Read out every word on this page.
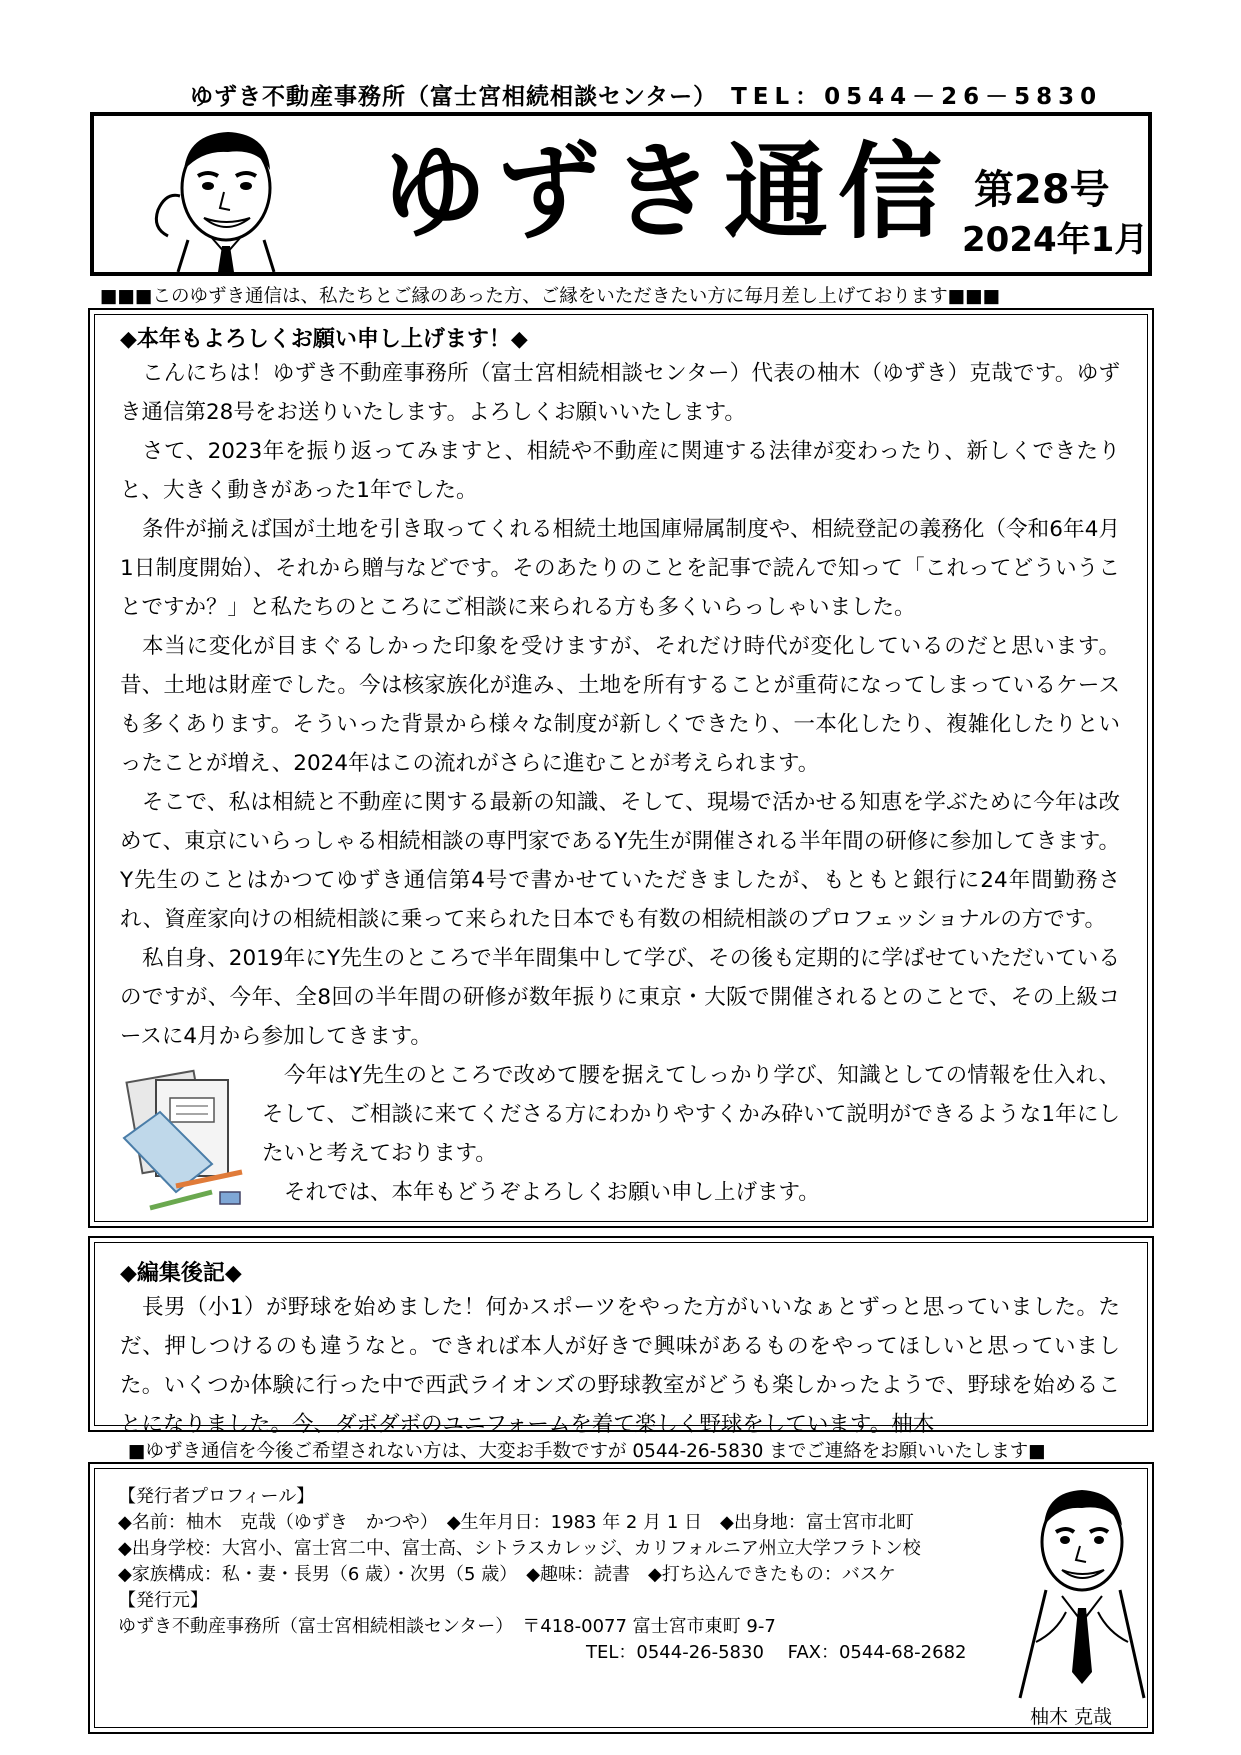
ゆずき不動産事務所（富士宮相続相談センター） TEL：0544－26－5830
ゆずき通信 第28号
2024年1月
■■■このゆずき通信は、私たちとご縁のあった方、ご縁をいただきたい方に毎月差し上げております■■■
◆本年もよろしくお願い申し上げます！◆
こんにちは！ゆずき不動産事務所（富士宮相続相談センター）代表の柚木（ゆずき）克哉です。ゆずき通信第28号をお送りいたします。よろしくお願いいたします。
さて、2023年を振り返ってみますと、相続や不動産に関連する法律が変わったり、新しくできたりと、大きく動きがあった1年でした。
条件が揃えば国が土地を引き取ってくれる相続土地国庫帰属制度や、相続登記の義務化（令和6年4月1日制度開始）、それから贈与などです。そのあたりのことを記事で読んで知って「これってどういうことですか？」と私たちのところにご相談に来られる方も多くいらっしゃいました。
本当に変化が目まぐるしかった印象を受けますが、それだけ時代が変化しているのだと思います。昔、土地は財産でした。今は核家族化が進み、土地を所有することが重荷になってしまっているケースも多くあります。そういった背景から様々な制度が新しくできたり、一本化したり、複雑化したりといったことが増え、2024年はこの流れがさらに進むことが考えられます。
そこで、私は相続と不動産に関する最新の知識、そして、現場で活かせる知恵を学ぶために今年は改めて、東京にいらっしゃる相続相談の専門家であるY先生が開催される半年間の研修に参加してきます。Y先生のことはかつてゆずき通信第4号で書かせていただきましたが、もともと銀行に24年間勤務され、資産家向けの相続相談に乗って来られた日本でも有数の相続相談のプロフェッショナルの方です。
私自身、2019年にY先生のところで半年間集中して学び、その後も定期的に学ばせていただいているのですが、今年、全8回の半年間の研修が数年振りに東京・大阪で開催されるとのことで、その上級コースに4月から参加してきます。
今年はY先生のところで改めて腰を据えてしっかり学び、知識としての情報を仕入れ、そして、ご相談に来てくださる方にわかりやすくかみ砕いて説明ができるような1年にしたいと考えております。
それでは、本年もどうぞよろしくお願い申し上げます。
◆編集後記◆
長男（小1）が野球を始めました！何かスポーツをやった方がいいなぁとずっと思っていました。ただ、押しつけるのも違うなと。できれば本人が好きで興味があるものをやってほしいと思っていました。いくつか体験に行った中で西武ライオンズの野球教室がどうも楽しかったようで、野球を始めることになりました。今、ダボダボのユニフォームを着て楽しく野球をしています。柚木
■ゆずき通信を今後ご希望されない方は、大変お手数ですが 0544-26-5830 までご連絡をお願いいたします■
【発行者プロフィール】
◆名前：柚木　克哉（ゆずき　かつや）　◆生年月日：1983 年 2 月 1 日　◆出身地：富士宮市北町
◆出身学校：大宮小、富士宮二中、富士高、シトラスカレッジ、カリフォルニア州立大学フラトン校
◆家族構成：私・妻・長男（6 歳）・次男（5 歳）　◆趣味：読書　◆打ち込んできたもの：バスケ
【発行元】
ゆずき不動産事務所（富士宮相続相談センター）　〒418-0077 富士宮市東町 9-7
TEL：0544-26-5830　 FAX：0544-68-2682
柚木 克哉
